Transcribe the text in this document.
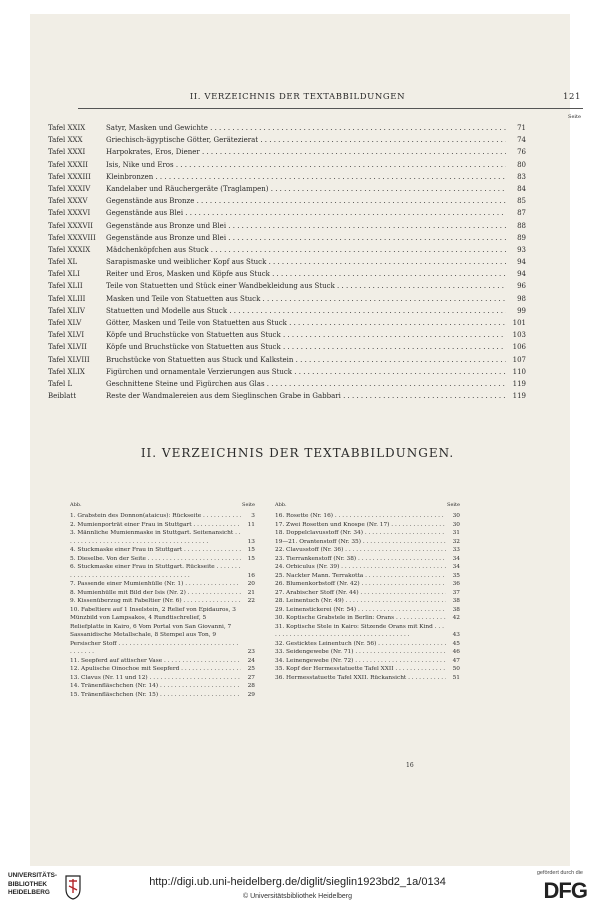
II. VERZEICHNIS DER TEXTABBILDUNGEN	121
Seite
Tafel XXIX	Satyr, Masken und Gewichte . . .	71
Tafel XXX	Griechisch-ägyptische Götter, Gerätezierat . . .	74
Tafel XXXI	Harpokrates, Eros, Diener . . .	76
Tafel XXXII	Isis, Nike und Eros . . .	80
Tafel XXXIII	Kleinbronzen . . .	83
Tafel XXXIV	Kandelaber und Räuchergeräte (Traglampen) . . .	84
Tafel XXXV	Gegenstände aus Bronze . . .	85
Tafel XXXVI	Gegenstände aus Blei . . .	87
Tafel XXXVII	Gegenstände aus Bronze und Blei . . .	88
Tafel XXXVIII	Gegenstände aus Bronze und Blei . . .	89
Tafel XXXIX	Mädchenköpfchen aus Stuck . . .	93
Tafel XL	Sarapismaske und weiblicher Kopf aus Stuck . . .	94
Tafel XLI	Reiter und Eros, Masken und Köpfe aus Stuck . . .	94
Tafel XLII	Teile von Statuetten und Stück einer Wandbekleidung aus Stuck . . .	96
Tafel XLIII	Masken und Teile von Statuetten aus Stuck . . .	98
Tafel XLIV	Statuetten und Modelle aus Stuck . . .	99
Tafel XLV	Götter, Masken und Teile von Statuetten aus Stuck . . .	101
Tafel XLVI	Köpfe und Bruchstücke von Statuetten aus Stuck . . .	103
Tafel XLVII	Köpfe und Bruchstücke von Statuetten aus Stuck . . .	106
Tafel XLVIII	Bruchstücke von Statuetten aus Stuck und Kalkstein . . .	107
Tafel XLIX	Figürchen und ornamentale Verzierungen aus Stuck . . .	110
Tafel L	Geschnittene Steine und Figürchen aus Glas . . .	119
Beiblatt	Reste der Wandmalereien aus dem Sieglinschen Grabe in Gabbari . . .	119
II. VERZEICHNIS DER TEXTABBILDUNGEN.
Abb.	Seite
1. Grabstein des Donnon(ataicus): Rückseite . . .	3
2. Mumienporträt einer Frau in Stuttgart . . .	11
3. Männliche Mumienmaske in Stuttgart. Seitenansicht . . .
13
4. Stuckmaske einer Frau in Stuttgart . . .	15
5. Dieselbe. Von der Seite . . .	15
6. Stuckmaske einer Frau in Stuttgart. Rückseite . . .
16
7. Passende einer Mumienhülle (Nr. 1) . . .	20
8. Mumienhülle mit Bild der Isis (Nr. 2) . . .	21
9. Kissenüberzug mit Fabeltier (Nr. 6) . . .	22
10. Fabeltiere auf 1 Inselstein, 2 Relief von Epidauros, 3 Münzbild von Lampsakos, 4 Rundtischrelief, 5 Reliefplatte in Kairo, 6 Vom Portal von San Giovanni, 7 Sassanidische Metallschale, 8 Stempel aus Ton, 9 Persischer Stoff . . .
23
11. Seepferd auf attischer Vase . . .	24
12. Apulische Oinochoe mit Seepferd . . .	25
13. Clavus (Nr. 11 und 12) . . .	27
14. Tränenfläschchen (Nr. 14) . . .	28
15. Tränenfläschchen (Nr. 15) . . .	29
Abb.	Seite
16. Rosette (Nr. 16) . . .	30
17. Zwei Rosetten und Knospe (Nr. 17) . . .	30
18. Doppelclavusstoff (Nr. 34) . . .	31
19—21. Orantenstoff (Nr. 35) . . .	32
22. Clavusstoff (Nr. 36) . . .	33
23. Tierrankenstoff (Nr. 38) . . .	34
24. Orbiculus (Nr. 39) . . .	34
25. Nackter Mann. Terrakotta . . .	35
26. Blumenkorbstoff (Nr. 42) . . .	36
27. Arabischer Stoff (Nr. 44) . . .	37
28. Leinentuch (Nr. 49) . . .	38
29. Leinenstickerei (Nr. 54) . . .	38
30. Koptische Grabstele in Berlin: Orans . . .	42
31. Koptische Stele in Kairo: Sitzende Orans mit Kind . . .
43
32. Gesticktes Leinentuch (Nr. 56) . . .	45
33. Seidengewebe (Nr. 71) . . .	46
34. Leinengewebe (Nr. 72) . . .	47
35. Kopf der Hermesstatuette Tafel XXII . . .	50
36. Hermesstatuette Tafel XXII. Rückansicht . . .	51
16
UNIVERSITÄTS-
BIBLIOTHEK
HEIDELBERG
http://digi.ub.uni-heidelberg.de/diglit/sieglin1923bd2_1a/0134
© Universitätsbibliothek Heidelberg
gefördert durch die
DFG
